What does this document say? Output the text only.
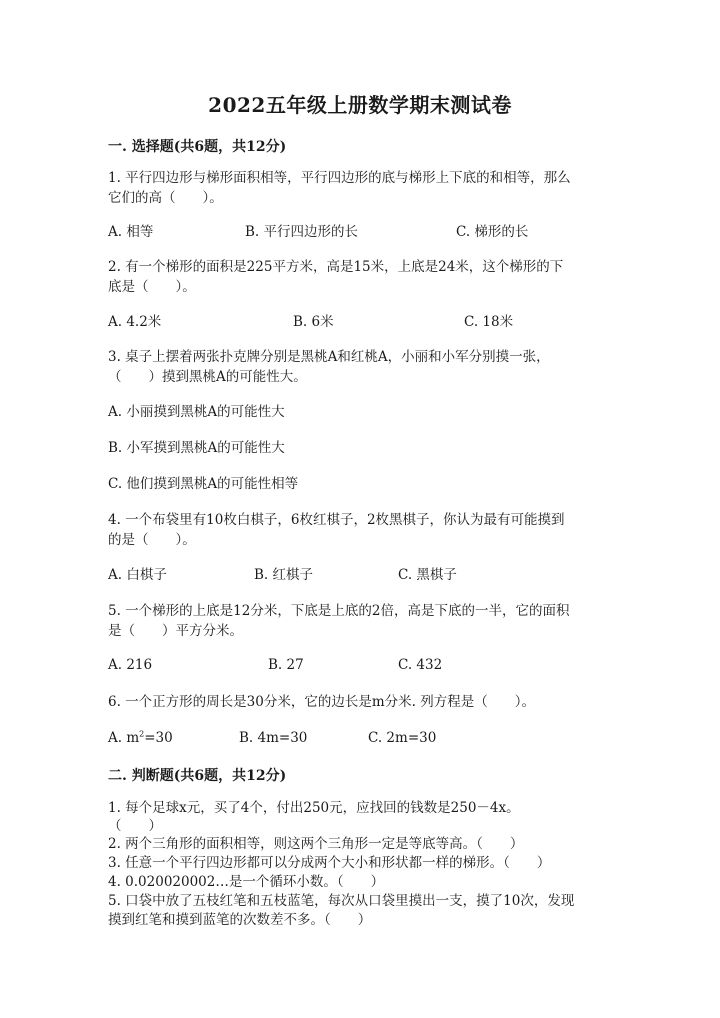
2022五年级上册数学期末测试卷
一. 选择题(共6题，共12分)
1. 平行四边形与梯形面积相等，平行四边形的底与梯形上下底的和相等，那么
它们的高（　　）。
A. 相等	B. 平行四边形的长	C. 梯形的长
2. 有一个梯形的面积是225平方米，高是15米，上底是24米，这个梯形的下
底是（　　）。
A. 4.2米	B. 6米	C. 18米
3. 桌子上摆着两张扑克牌分别是黑桃A和红桃A，小丽和小军分别摸一张，
（　　）摸到黑桃A的可能性大。
A. 小丽摸到黑桃A的可能性大
B. 小军摸到黑桃A的可能性大
C. 他们摸到黑桃A的可能性相等
4. 一个布袋里有10枚白棋子，6枚红棋子，2枚黑棋子，你认为最有可能摸到
的是（　　）。
A. 白棋子	B. 红棋子	C. 黑棋子
5. 一个梯形的上底是12分米，下底是上底的2倍，高是下底的一半，它的面积
是（　　）平方分米。
A. 216	B. 27	C. 432
6. 一个正方形的周长是30分米，它的边长是m分米. 列方程是（　　）。
A. $m^2=30$	B. 4m=30	C. 2m=30
二. 判断题(共6题，共12分)
1. 每个足球x元，买了4个，付出250元，应找回的钱数是250－4x。
（　　）
2. 两个三角形的面积相等，则这两个三角形一定是等底等高。（　　）
3. 任意一个平行四边形都可以分成两个大小和形状都一样的梯形。（　　）
4. 0.020020002…是一个循环小数。（　　）
5. 口袋中放了五枝红笔和五枝蓝笔，每次从口袋里摸出一支，摸了10次，发现
摸到红笔和摸到蓝笔的次数差不多。（　　）
